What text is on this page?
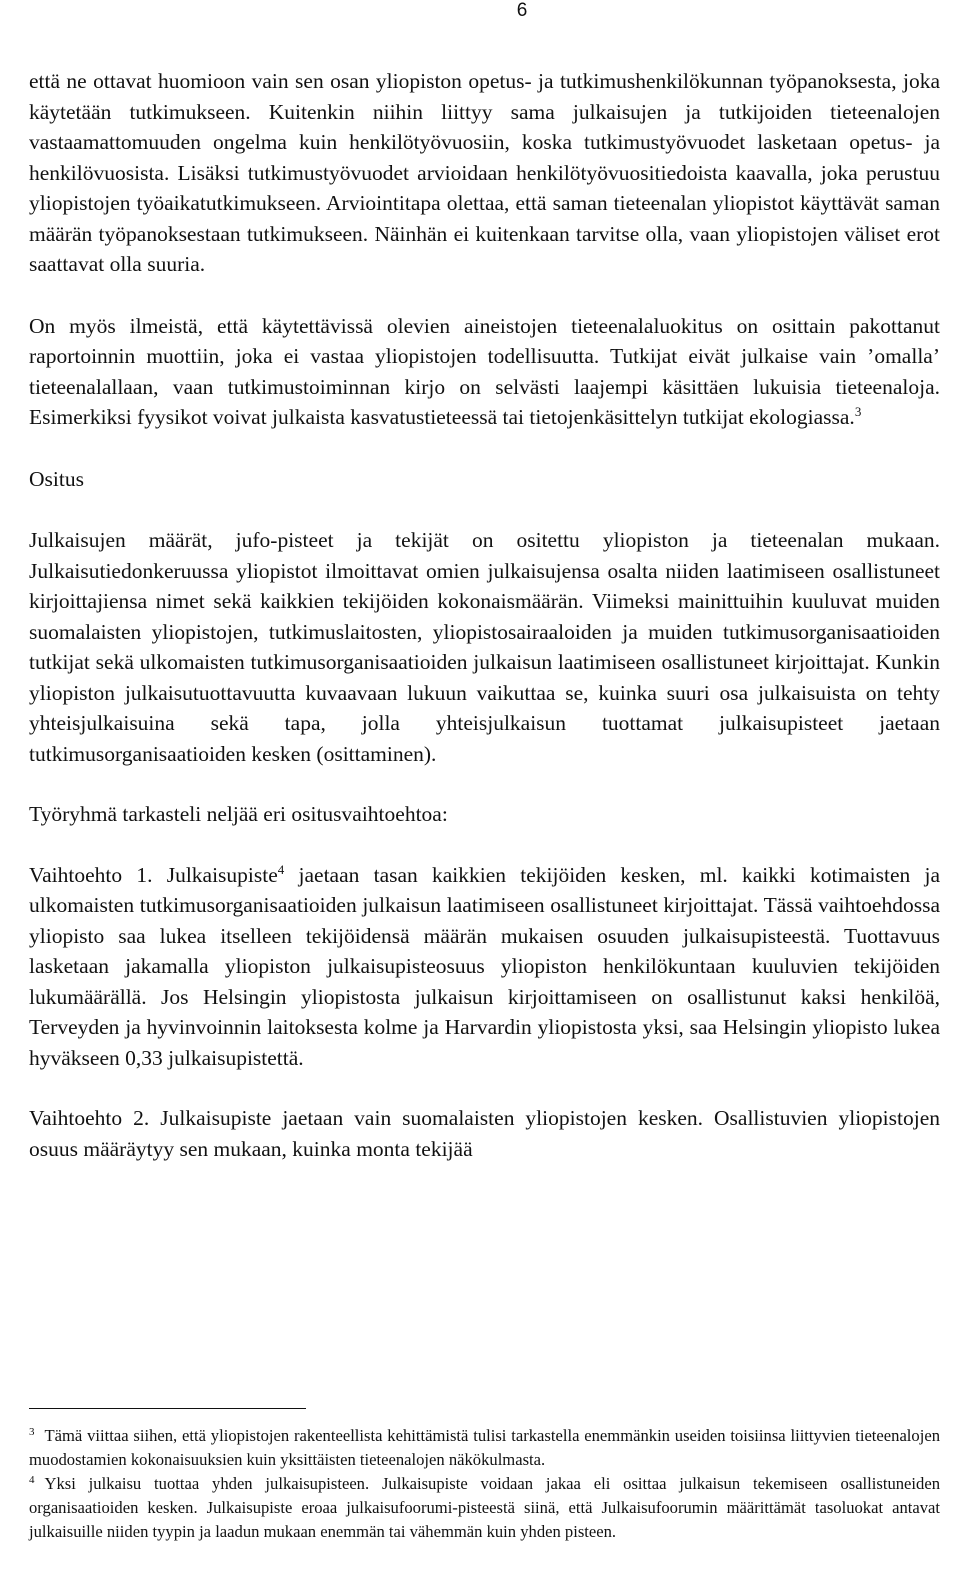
6

että ne ottavat huomioon vain sen osan yliopiston opetus- ja tutkimushenkilökunnan työpanoksesta, joka käytetään tutkimukseen. Kuitenkin niihin liittyy sama julkaisujen ja tutkijoiden tieteenalojen vastaamattomuuden ongelma kuin henkilötyövuosiin, koska tutkimustyövuodet lasketaan opetus- ja henkilövuosista. Lisäksi tutkimustyövuodet arvioidaan henkilötyövuositiedoista kaavalla, joka perustuu yliopistojen työaikatutkimukseen. Arviointitapa olettaa, että saman tieteenalan yliopistot käyttävät saman määrän työpanoksestaan tutkimukseen. Näinhän ei kuitenkaan tarvitse olla, vaan yliopistojen väliset erot saattavat olla suuria.

On myös ilmeistä, että käytettävissä olevien aineistojen tieteenalaluokitus on osittain pakottanut raportoinnin muottiin, joka ei vastaa yliopistojen todellisuutta. Tutkijat eivät julkaise vain ’omalla’ tieteenalallaan, vaan tutkimustoiminnan kirjo on selvästi laajempi käsittäen lukuisia tieteenaloja. Esimerkiksi fyysikot voivat julkaista kasvatustieteessä tai tietojenkäsittelyn tutkijat ekologiassa.$^3$

Ositus

Julkaisujen määrät, jufo-pisteet ja tekijät on ositettu yliopiston ja tieteenalan mukaan. Julkaisutiedonkeruussa yliopistot ilmoittavat omien julkaisujensa osalta niiden laatimiseen osallistuneet kirjoittajiensa nimet sekä kaikkien tekijöiden kokonaismäärän. Viimeksi mainittuihin kuuluvat muiden suomalaisten yliopistojen, tutkimuslaitosten, yliopistosairaaloiden ja muiden tutkimusorganisaatioiden tutkijat sekä ulkomaisten tutkimusorganisaatioiden julkaisun laatimiseen osallistuneet kirjoittajat. Kunkin yliopiston julkaisutuottavuutta kuvaavaan lukuun vaikuttaa se, kuinka suuri osa julkaisuista on tehty yhteisjulkaisuina sekä tapa, jolla yhteisjulkaisun tuottamat julkaisupisteet jaetaan tutkimusorganisaatioiden kesken (osittaminen).

Työryhmä tarkasteli neljää eri ositusvaihtoehtoa:

Vaihtoehto 1. Julkaisupiste$^4$ jaetaan tasan kaikkien tekijöiden kesken, ml. kaikki kotimaisten ja ulkomaisten tutkimusorganisaatioiden julkaisun laatimiseen osallistuneet kirjoittajat. Tässä vaihtoehdossa yliopisto saa lukea itselleen tekijöidensä määrän mukaisen osuuden julkaisupisteestä. Tuottavuus lasketaan jakamalla yliopiston julkaisupisteosuus yliopiston henkilökuntaan kuuluvien tekijöiden lukumäärällä. Jos Helsingin yliopistosta julkaisun kirjoittamiseen on osallistunut kaksi henkilöä, Terveyden ja hyvinvoinnin laitoksesta kolme ja Harvardin yliopistosta yksi, saa Helsingin yliopisto lukea hyväkseen 0,33 julkaisupistettä.

Vaihtoehto 2. Julkaisupiste jaetaan vain suomalaisten yliopistojen kesken. Osallistuvien yliopistojen osuus määräytyy sen mukaan, kuinka monta tekijää

$^3$ Tämä viittaa siihen, että yliopistojen rakenteellista kehittämistä tulisi tarkastella enemmänkin useiden toisiinsa liittyvien tieteenalojen muodostamien kokonaisuuksien kuin yksittäisten tieteenalojen näkökulmasta.

$^4$ Yksi julkaisu tuottaa yhden julkaisupisteen. Julkaisupiste voidaan jakaa eli osittaa julkaisun tekemiseen osallistuneiden organisaatioiden kesken. Julkaisupiste eroaa julkaisufoorumi-pisteestä siinä, että Julkaisufoorumin määrittämät tasoluokat antavat julkaisuille niiden tyypin ja laadun mukaan enemmän tai vähemmän kuin yhden pisteen.
